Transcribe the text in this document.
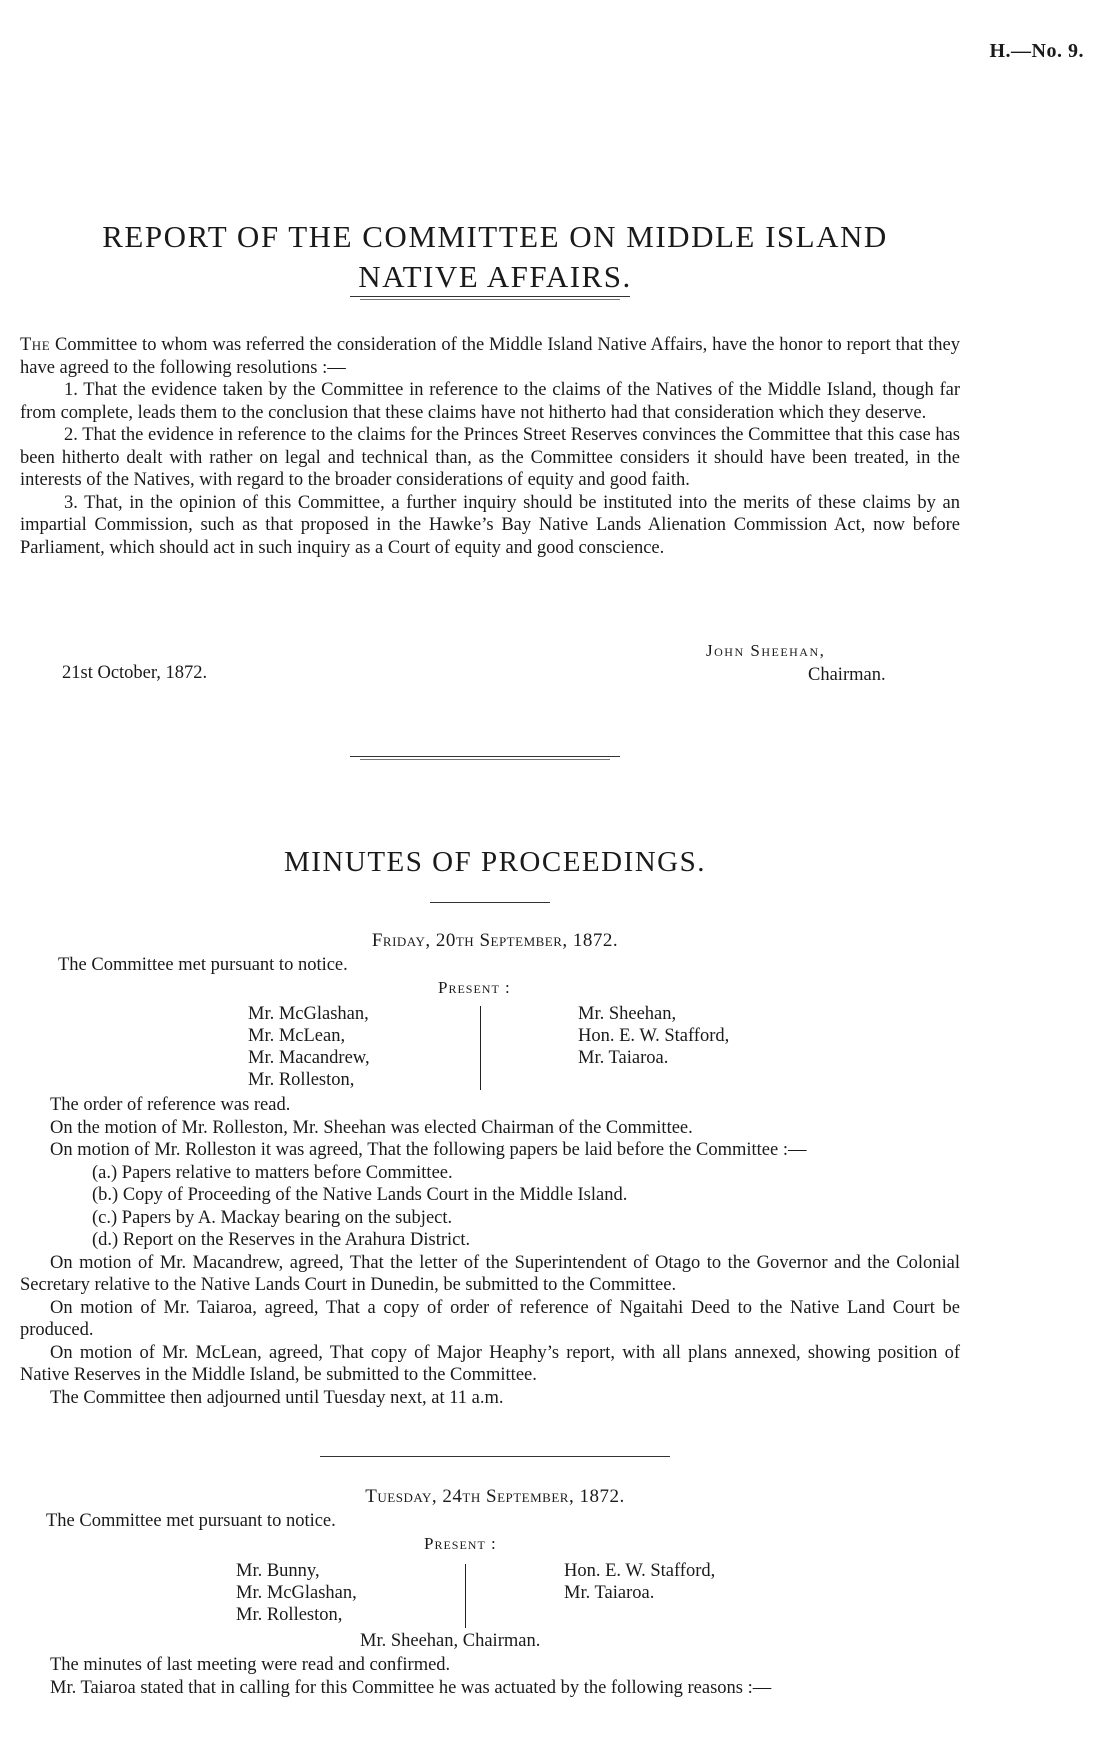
H.—No. 9.
REPORT OF THE COMMITTEE ON MIDDLE ISLAND NATIVE AFFAIRS.

The Committee to whom was referred the consideration of the Middle Island Native Affairs, have the honor to report that they have agreed to the following resolutions :—

1. That the evidence taken by the Committee in reference to the claims of the Natives of the Middle Island, though far from complete, leads them to the conclusion that these claims have not hitherto had that consideration which they deserve.

2. That the evidence in reference to the claims for the Princes Street Reserves convinces the Committee that this case has been hitherto dealt with rather on legal and technical than, as the Committee considers it should have been treated, in the interests of the Natives, with regard to the broader considerations of equity and good faith.

3. That, in the opinion of this Committee, a further inquiry should be instituted into the merits of these claims by an impartial Commission, such as that proposed in the Hawke’s Bay Native Lands Alienation Commission Act, now before Parliament, which should act in such inquiry as a Court of equity and good conscience.

John Sheehan,
Chairman.
21st October, 1872.
MINUTES OF PROCEEDINGS.
Friday, 20th September, 1872.
The Committee met pursuant to notice.
Present :
Mr. McGlashan,
Mr. McLean,
Mr. Macandrew,
Mr. Rolleston,
Mr. Sheehan,
Hon. E. W. Stafford,
Mr. Taiaroa.

The order of reference was read.

On the motion of Mr. Rolleston, Mr. Sheehan was elected Chairman of the Committee.

On motion of Mr. Rolleston it was agreed, That the following papers be laid before the Committee :—

(a.) Papers relative to matters before Committee.

(b.) Copy of Proceeding of the Native Lands Court in the Middle Island.

(c.) Papers by A. Mackay bearing on the subject.

(d.) Report on the Reserves in the Arahura District.

On motion of Mr. Macandrew, agreed, That the letter of the Superintendent of Otago to the Governor and the Colonial Secretary relative to the Native Lands Court in Dunedin, be submitted to the Committee.

On motion of Mr. Taiaroa, agreed, That a copy of order of reference of Ngaitahi Deed to the Native Land Court be produced.

On motion of Mr. McLean, agreed, That copy of Major Heaphy’s report, with all plans annexed, showing position of Native Reserves in the Middle Island, be submitted to the Committee.

The Committee then adjourned until Tuesday next, at 11 a.m.

Tuesday, 24th September, 1872.
The Committee met pursuant to notice.
Present :
Mr. Bunny,
Mr. McGlashan,
Mr. Rolleston,
Hon. E. W. Stafford,
Mr. Taiaroa.
Mr. Sheehan, Chairman.

The minutes of last meeting were read and confirmed.

Mr. Taiaroa stated that in calling for this Committee he was actuated by the following reasons :—
